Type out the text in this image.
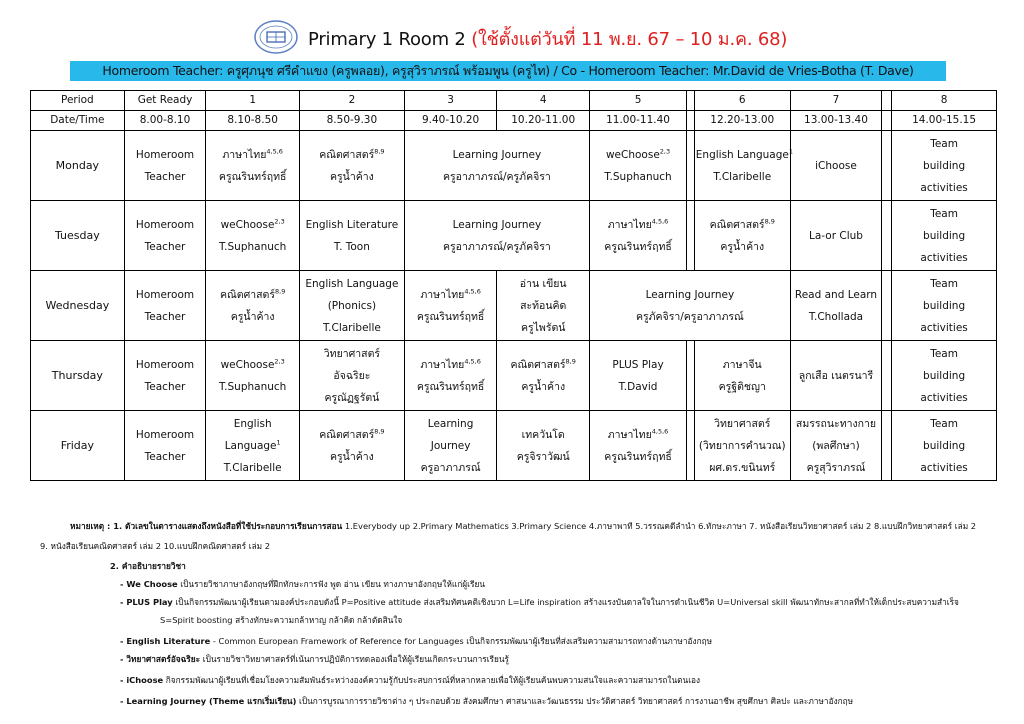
Primary 1 Room 2 (ใช้ตั้งแต่วันที่ 11 พ.ย. 67 – 10 ม.ค. 68)
Homeroom Teacher: ครูศุภนุช ศรีคำแขง (ครูพลอย), ครูสุวิราภรณ์ พร้อมพูน (ครูไท) / Co - Homeroom Teacher: Mr.David de Vries-Botha (T. Dave)
Period	Get Ready	1	2	3	4	5		6	7		8
Date/Time	8.00-8.10	8.10-8.50	8.50-9.30	9.40-10.20	10.20-11.00	11.00-11.40		12.20-13.00	13.00-13.40		14.00-15.15
Monday	Homeroom
Teacher	ภาษาไทย$^{4,5,6}$
ครูณรินทร์ฤทธิ์	คณิตศาสตร์$^{8,9}$
ครูน้ำค้าง	Learning Journey
ครูอาภาภรณ์/ครูภัคจิรา		weChoose$^{2,3}$
T.Suphanuch		English Language$^1$
T.Claribelle	iChoose		Team
building
activities

Tuesday	Homeroom
Teacher	weChoose$^{2,3}$
T.Suphanuch	English Literature
T. Toon	Learning Journey
ครูอาภาภรณ์/ครูภัคจิรา		ภาษาไทย$^{4,5,6}$
ครูณรินทร์ฤทธิ์		คณิตศาสตร์$^{8,9}$
ครูน้ำค้าง	La-or Club		Team
building
activities

Wednesday	Homeroom
Teacher	คณิตศาสตร์$^{8,9}$
ครูน้ำค้าง	English Language
(Phonics)
T.Claribelle	ภาษาไทย$^{4,5,6}$
ครูณรินทร์ฤทธิ์	อ่าน เขียน
สะท้อนคิด
ครูไพรัตน์	Learning Journey
ครูภัคจิรา/ครูอาภาภรณ์			Read and Learn
T.Chollada		Team
building
activities

Thursday	Homeroom
Teacher	weChoose$^{2,3}$
T.Suphanuch	วิทยาศาสตร์
อัจฉริยะ
ครูณัฏฐรัตน์	ภาษาไทย$^{4,5,6}$
ครูณรินทร์ฤทธิ์	คณิตศาสตร์$^{8,9}$
ครูน้ำค้าง	PLUS Play
T.David		ภาษาจีน
ครูฐิติชญา	ลูกเสือ เนตรนารี		Team
building
activities

Friday	Homeroom
Teacher	English
Language$^1$
T.Claribelle	คณิตศาสตร์$^{8,9}$
ครูน้ำค้าง	Learning
Journey
ครูอาภาภรณ์	เทควันโด
ครูจิราวัฒน์	ภาษาไทย$^{4,5,6}$
ครูณรินทร์ฤทธิ์		วิทยาศาสตร์
(วิทยาการคำนวณ)
ผศ.ดร.ขนินทร์	สมรรถนะทางกาย
(พลศึกษา)
ครูสุวิราภรณ์		Team
building
activities
หมายเหตุ : 1. ตัวเลขในตารางแสดงถึงหนังสือที่ใช้ประกอบการเรียนการสอน 1.Everybody up 2.Primary Mathematics 3.Primary Science 4.ภาษาพาที 5.วรรณคดีลำนำ 6.ทักษะภาษา 7. หนังสือเรียนวิทยาศาสตร์ เล่ม 2 8.แบบฝึกวิทยาศาสตร์ เล่ม 2
9. หนังสือเรียนคณิตศาสตร์ เล่ม 2 10.แบบฝึกคณิตศาสตร์ เล่ม 2
2. คำอธิบายรายวิชา
- We Choose เป็นรายวิชาภาษาอังกฤษที่ฝึกทักษะการฟัง พูด อ่าน เขียน ทางภาษาอังกฤษให้แก่ผู้เรียน
- PLUS Play เป็นกิจกรรมพัฒนาผู้เรียนตามองค์ประกอบดังนี้ P=Positive attitude ส่งเสริมทัศนคติเชิงบวก L=Life inspiration สร้างแรงบันดาลใจในการดำเนินชีวิต U=Universal skill พัฒนาทักษะสากลที่ทำให้เด็กประสบความสำเร็จ
S=Spirit boosting สร้างทักษะความกล้าหาญ กล้าคิด กล้าตัดสินใจ
- English Literature - Common European Framework of Reference for Languages เป็นกิจกรรมพัฒนาผู้เรียนที่ส่งเสริมความสามารถทางด้านภาษาอังกฤษ
- วิทยาศาสตร์อัจฉริยะ เป็นรายวิชาวิทยาศาสตร์ที่เน้นการปฏิบัติการทดลองเพื่อให้ผู้เรียนเกิดกระบวนการเรียนรู้
- iChoose กิจกรรมพัฒนาผู้เรียนที่เชื่อมโยงความสัมพันธ์ระหว่างองค์ความรู้กับประสบการณ์ที่หลากหลายเพื่อให้ผู้เรียนค้นพบความสนใจและความสามารถในตนเอง
- Learning Journey (Theme แรกเริ่มเรียน) เป็นการบูรณาการรายวิชาต่าง ๆ ประกอบด้วย สังคมศึกษา ศาสนาและวัฒนธรรม ประวัติศาสตร์ วิทยาศาสตร์ การงานอาชีพ สุขศึกษา ศิลปะ และภาษาอังกฤษ
